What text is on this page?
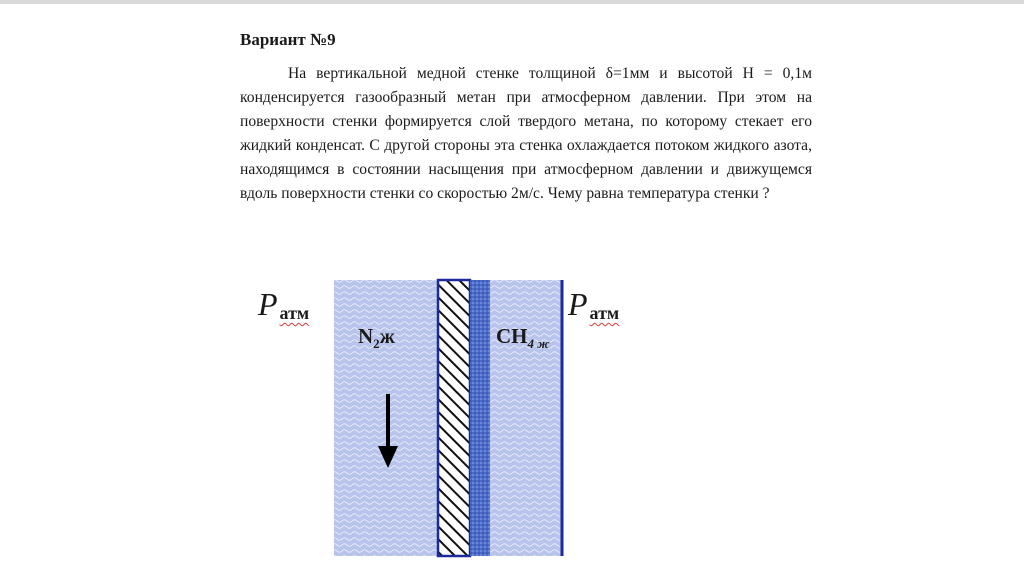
Вариант №9
На вертикальной медной стенке толщиной δ=1мм и высотой H = 0,1м конденсируется газообразный метан при атмосферном давлении. При этом на поверхности стенки формируется слой твердого метана, по которому стекает его жидкий конденсат. С другой стороны эта стенка охлаждается потоком жидкого азота, находящимся в состоянии насыщения при атмосферном давлении и движущемся вдоль поверхности стенки со скоростью 2м/с. Чему равна температура стенки ?
P $_{атм}$
$N_2ж$	$CH_{4 ж}$
P $_{атм}$
